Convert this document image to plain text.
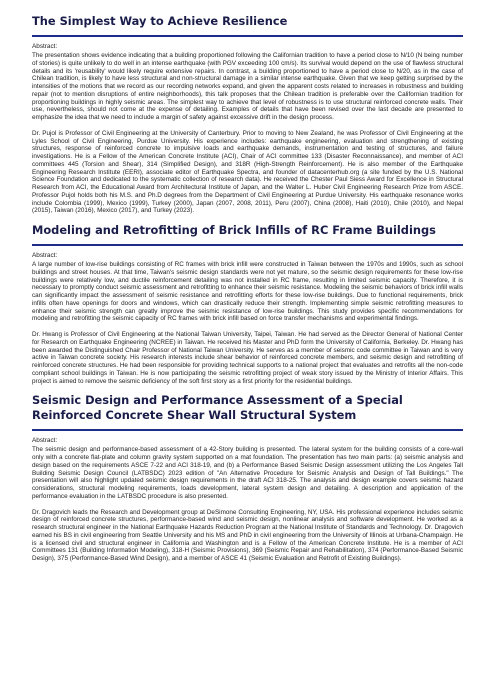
The Simplest Way to Achieve Resilience
Abstract:

The presentation shows evidence indicating that a building proportioned following the Californian tradition to have a period close to N/10 (N being number of stories) is quite unlikely to do well in an intense earthquake (with PGV exceeding 100 cm/s). Its survival would depend on the use of flawless structural details and its 'reusability' would likely require extensive repairs. In contrast, a building proportioned to have a period close to N/20, as in the case of Chilean tradition, is likely to have less structural and non-structural damage in a similar intense earthquake. Given that we keep getting surprised by the intensities of the motions that we record as our recording networks expand, and given the apparent costs related to increases in robustness and building repair (not to mention disruptions of entire neighborhoods), this talk proposes that the Chilean tradition is preferable over the Californian tradition for proportioning buildings in highly seismic areas. The simplest way to achieve that level of robustness is to use structural reinforced concrete walls. Their use, nevertheless, should not come at the expense of detailing. Examples of details that have been revised over the last decade are presented to emphasize the idea that we need to include a margin of safety against excessive drift in the design process.

Dr. Pujol is Professor of Civil Engineering at the University of Canterbury. Prior to moving to New Zealand, he was Professor of Civil Engineering at the Lyles School of Civil Engineering, Purdue University. His experience includes: earthquake engineering, evaluation and strengthening of existing structures, response of reinforced concrete to impulsive loads and earthquake demands, instrumentation and testing of structures, and failure investigations. He is a Fellow of the American Concrete Institute (ACI), Chair of ACI committee 133 (Disaster Reconnaissance), and member of ACI committees 445 (Torsion and Shear), 314 (Simplified Design), and 318R (High-Strength Reinforcement). He is also member of the Earthquake Engineering Research Institute (EERI), associate editor of Earthquake Spectra, and founder of datacenterhub.org (a site funded by the U.S. National Science Foundation and dedicated to the systematic collection of research data). He received the Chester Paul Siess Award for Excellence in Structural Research from ACI, the Educational Award from Architectural Institute of Japan, and the Walter L. Huber Civil Engineering Research Prize from ASCE. Professor Pujol holds both his M.S. and Ph.D degrees from the Department of Civil Engineering at Purdue University. His earthquake resonance works include Colombia (1999), Mexico (1999), Turkey (2000), Japan (2007, 2008, 2011), Peru (2007), China (2008), Haiti (2010), Chile (2010), and Nepal (2015), Taiwan (2016), Mexico (2017), and Turkey (2023).

Modeling and Retrofitting of Brick Infills of RC Frame Buildings
Abstract:

A large number of low-rise buildings consisting of RC frames with brick infill were constructed in Taiwan between the 1970s and 1990s, such as school buildings and street houses. At that time, Taiwan's seismic design standards were not yet mature, so the seismic design requirements for these low-rise buildings were relatively low, and ductile reinforcement detailing was not installed in RC frame, resulting in limited seismic capacity. Therefore, it is necessary to promptly conduct seismic assessment and retrofitting to enhance their seismic resistance. Modeling the seismic behaviors of brick infill walls can significantly impact the assessment of seismic resistance and retrofitting efforts for these low-rise buildings. Due to functional requirements, brick infills often have openings for doors and windows, which can drastically reduce their strength. Implementing simple seismic retrofitting measures to enhance their seismic strength can greatly improve the seismic resistance of low-rise buildings. This study provides specific recommendations for modeling and retrofitting the seismic capacity of RC frames with brick infill based on force transfer mechanisms and experimental findings.

Dr. Hwang is Professor of Civil Engineering at the National Taiwan University, Taipei, Taiwan. He had served as the Director General of National Center for Research on Earthquake Engineering (NCREE) in Taiwan. He received his Master and PhD form the University of California, Berkeley. Dr. Hwang has been awarded the Distinguished Chair Professor of National Taiwan University. He serves as a member of seismic code committee in Taiwan and is very active in Taiwan concrete society. His research interests include shear behavior of reinforced concrete members, and seismic design and retrofitting of reinforced concrete structures. He had been responsible for providing technical supports to a national project that evaluates and retrofits all the non-code compliant school buildings in Taiwan. He is now participating the seismic retrofitting project of weak story issued by the Ministry of Interior Affairs. This project is aimed to remove the seismic deficiency of the soft first story as a first priority for the residential buildings.

Seismic Design and Performance Assessment of a Special Reinforced Concrete Shear Wall Structural System
Abstract:

The seismic design and performance-based assessment of a 42-Story building is presented. The lateral system for the building consists of a core-wall only with a concrete flat-plate and column gravity system supported on a mat foundation. The presentation has two main parts: (a) seismic analysis and design based on the requirements ASCE 7-22 and ACI 318-19, and (b) a Performance Based Seismic Design assessment utilizing the Los Angeles Tall Building Seismic Design Council (LATBSDC) 2023 edition of "An Alternative Procedure for Seismic Analysis and Design of Tall Buildings." The presentation will also highlight updated seismic design requirements in the draft ACI 318-25. The analysis and design example covers seismic hazard considerations, structural modeling requirements, loads development, lateral system design and detailing. A description and application of the performance evaluation in the LATBSDC procedure is also presented.

Dr. Dragovich leads the Research and Development group at DeSimone Consulting Engineering, NY, USA. His professional experience includes seismic design of reinforced concrete structures, performance-based wind and seismic design, nonlinear analysis and software development. He worked as a research structural engineer in the National Earthquake Hazards Reduction Program at the National Institute of Standards and Technology. Dr. Dragovich earned his BS in civil engineering from Seattle University and his MS and PhD in civil engineering from the University of Illinois at Urbana-Champaign. He is a licensed civil and structural engineer in California and Washington and is a Fellow of the American Concrete Institute. He is a member of ACI Committees 131 (Building Information Modeling), 318-H (Seismic Provisions), 369 (Seismic Repair and Rehabilitation), 374 (Performance-Based Seismic Design), 375 (Performance-Based Wind Design), and a member of ASCE 41 (Seismic Evaluation and Retrofit of Existing Buildings).
